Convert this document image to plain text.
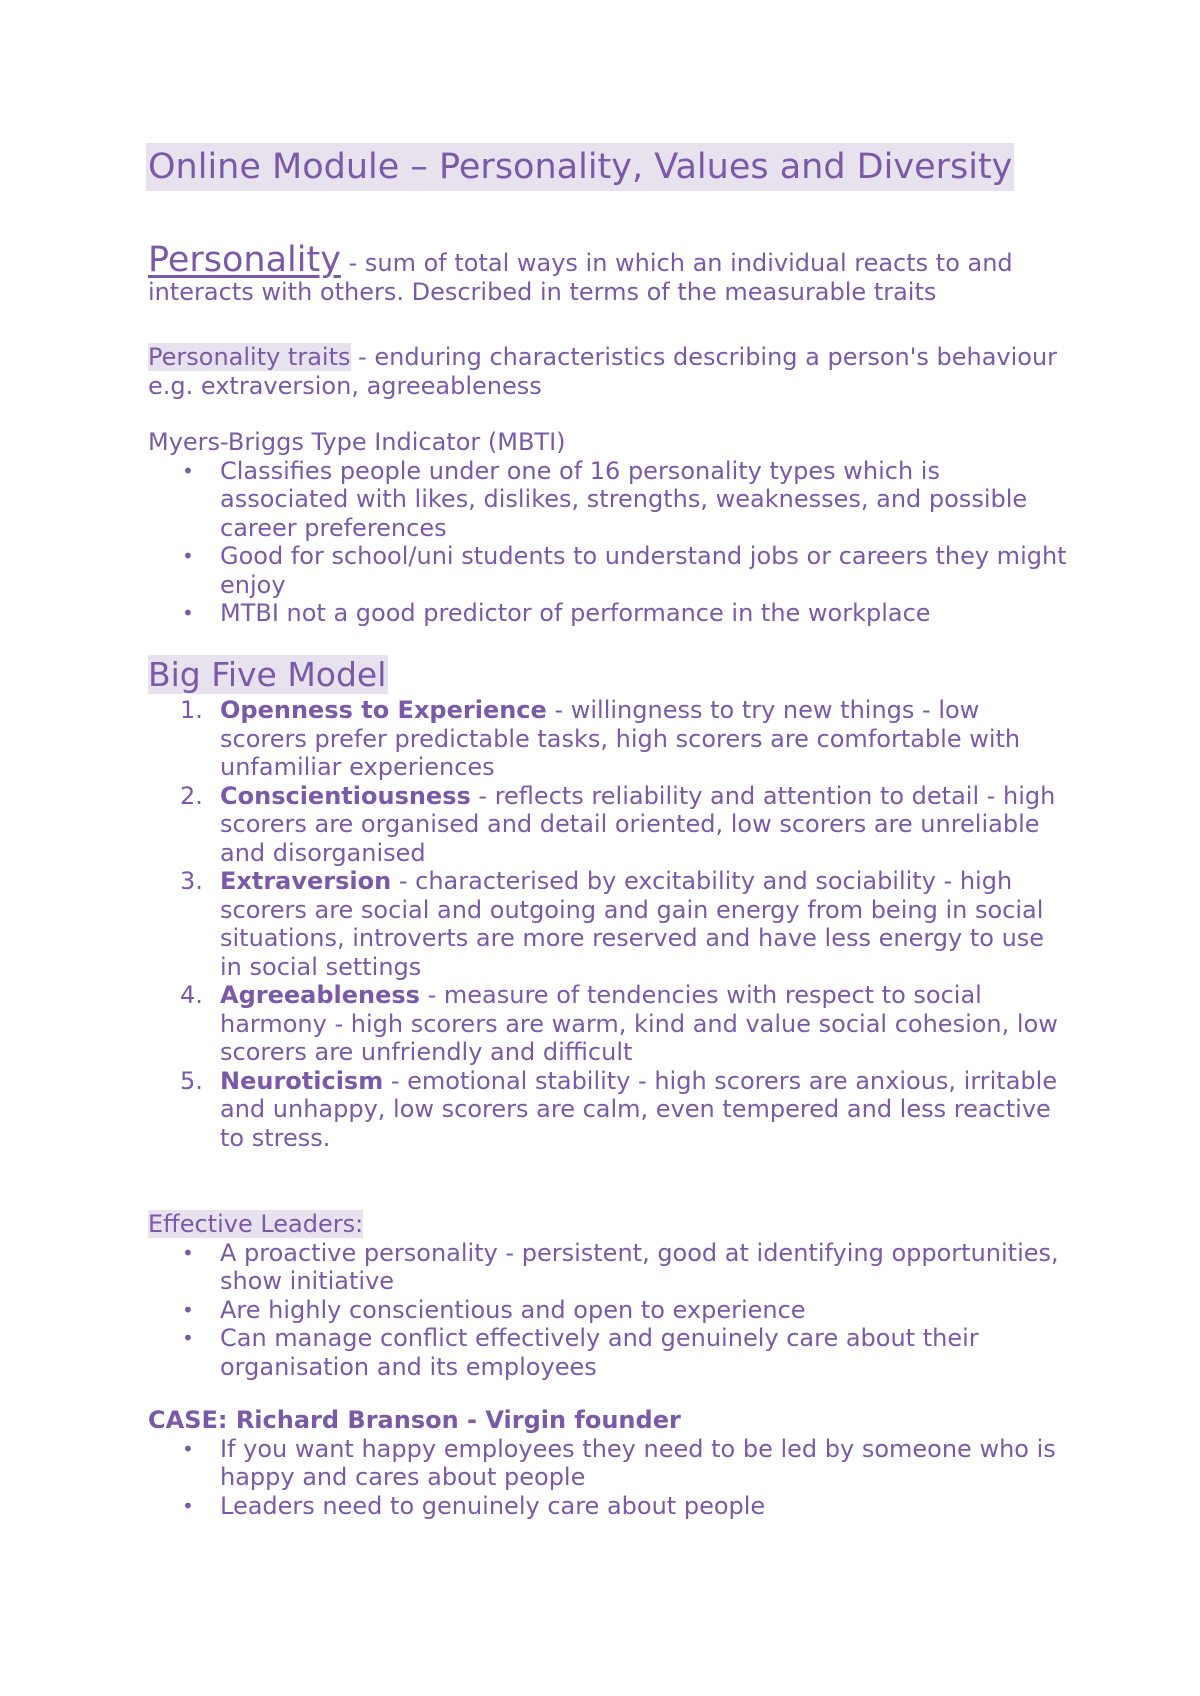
Online Module – Personality, Values and Diversity
Personality - sum of total ways in which an individual reacts to and interacts with others. Described in terms of the measurable traits
Personality traits - enduring characteristics describing a person's behaviour e.g. extraversion, agreeableness
Myers-Briggs Type Indicator (MBTI)
• Classifies people under one of 16 personality types which is associated with likes, dislikes, strengths, weaknesses, and possible career preferences
• Good for school/uni students to understand jobs or careers they might enjoy
• MTBI not a good predictor of performance in the workplace
Big Five Model
1. Openness to Experience - willingness to try new things - low scorers prefer predictable tasks, high scorers are comfortable with unfamiliar experiences
2. Conscientiousness - reflects reliability and attention to detail - high scorers are organised and detail oriented, low scorers are unreliable and disorganised
3. Extraversion - characterised by excitability and sociability - high scorers are social and outgoing and gain energy from being in social situations, introverts are more reserved and have less energy to use in social settings
4. Agreeableness - measure of tendencies with respect to social harmony - high scorers are warm, kind and value social cohesion, low scorers are unfriendly and difficult
5. Neuroticism - emotional stability - high scorers are anxious, irritable and unhappy, low scorers are calm, even tempered and less reactive to stress.
Effective Leaders:
• A proactive personality - persistent, good at identifying opportunities, show initiative
• Are highly conscientious and open to experience
• Can manage conflict effectively and genuinely care about their organisation and its employees
CASE: Richard Branson - Virgin founder
• If you want happy employees they need to be led by someone who is happy and cares about people
• Leaders need to genuinely care about people
